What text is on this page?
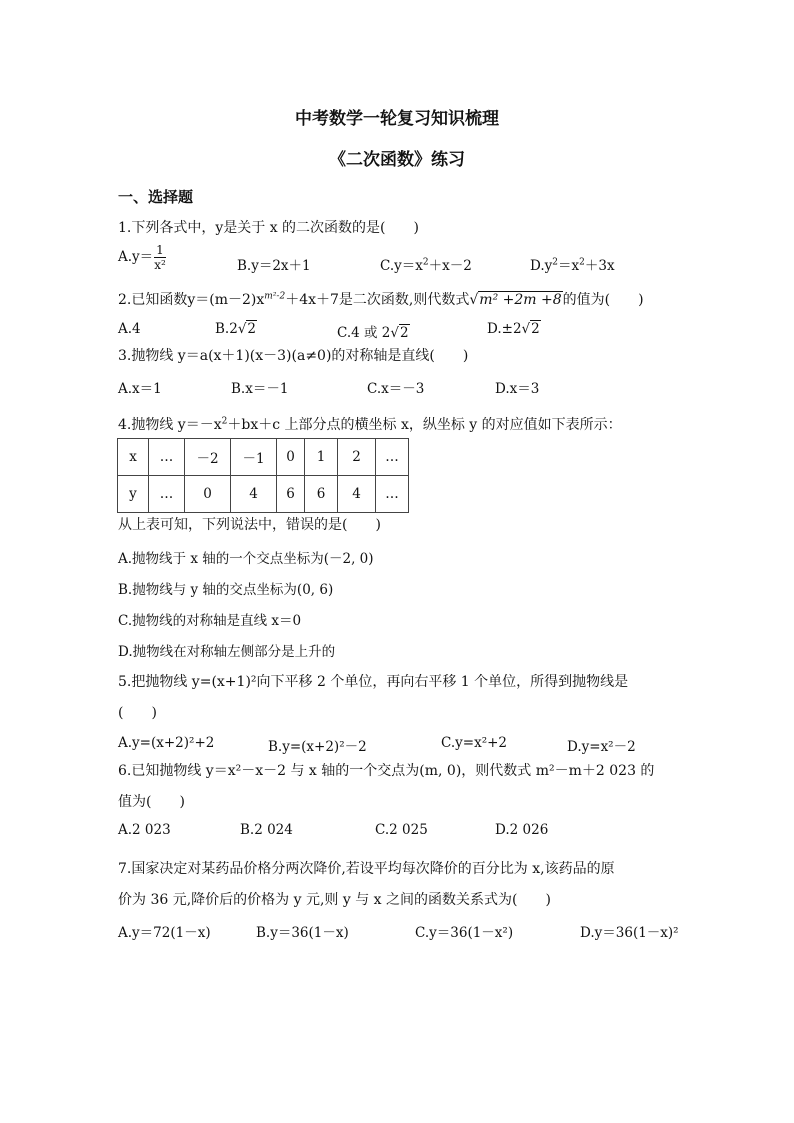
中考数学一轮复习知识梳理
《二次函数》练习
一、选择题
1.下列各式中，y是关于 x 的二次函数的是(　　)
$A.y= \frac{1}{\text{x²}}$	B.y＝2x＋1	$C.y=x^2+x-2$	$D.y^2=x^2+3x$
2.已知函数$y=(m-2)x^{m^2-2}+4x+7$是二次函数,则代数式√m² +2m +8的值为(　　)
A.4	B.2√2	C.4 或 2√2	D.±2√2
3.抛物线 y＝a(x＋1)(x－3)(a≠0)的对称轴是直线(　　)
A.x＝1	B.x＝－1	C.x＝－3	D.x＝3
4.抛物线 $y=-x^2+bx+c$ 上部分点的横坐标 x，纵坐标 y 的对应值如下表所示：
x	…	－2	－1	0	1	2	…
y	…	0	4	6	6	4	…
从上表可知，下列说法中，错误的是(　　)
A.抛物线于 x 轴的一个交点坐标为(－2, 0)
B.抛物线与 y 轴的交点坐标为(0, 6)
C.抛物线的对称轴是直线 x＝0
D.抛物线在对称轴左侧部分是上升的
5.把抛物线 y=(x+1)²向下平移 2 个单位，再向右平移 1 个单位，所得到抛物线是
(　　)
A.y=(x+2)²+2	B.y=(x+2)²－2	C.y=x²+2	D.y=x²－2
6.已知抛物线 y＝x²－x－2 与 x 轴的一个交点为(m, 0)，则代数式 m²－m＋2 023 的
值为(　　)
A.2 023	B.2 024	C.2 025	D.2 026
7.国家决定对某药品价格分两次降价,若设平均每次降价的百分比为 x,该药品的原
价为 36 元,降价后的价格为 y 元,则 y 与 x 之间的函数关系式为(　　)
A.y＝72(1－x)	B.y＝36(1－x)	C.y＝36(1－x²)	D.y＝36(1－x)²
